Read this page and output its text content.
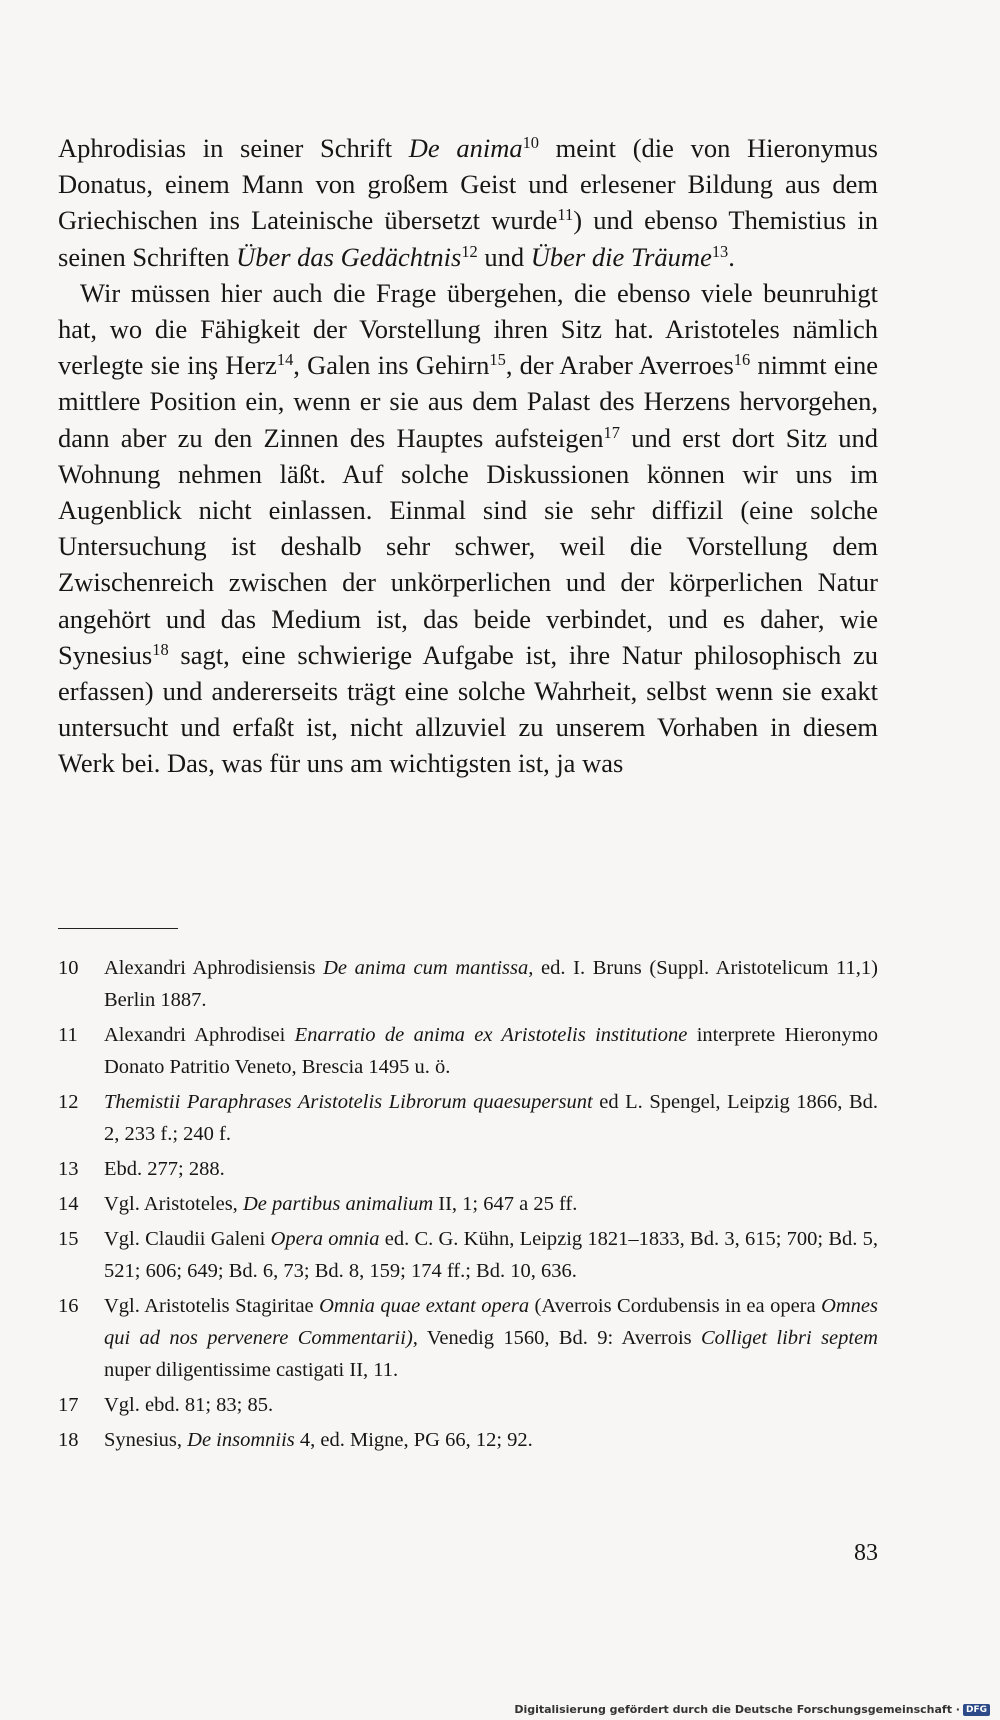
Aphrodisias in seiner Schrift De anima$^{10}$ meint (die von Hieronymus Donatus, einem Mann von großem Geist und erlesener Bildung aus dem Griechischen ins Lateinische übersetzt wurde$^{11}$) und ebenso Themistius in seinen Schriften Über das Gedächtnis$^{12}$ und Über die Träume$^{13}$.

Wir müssen hier auch die Frage übergehen, die ebenso viele beunruhigt hat, wo die Fähigkeit der Vorstellung ihren Sitz hat. Aristoteles nämlich verlegte sie inş Herz$^{14}$, Galen ins Gehirn$^{15}$, der Araber Averroes$^{16}$ nimmt eine mittlere Position ein, wenn er sie aus dem Palast des Herzens hervorgehen, dann aber zu den Zinnen des Hauptes aufsteigen$^{17}$ und erst dort Sitz und Wohnung nehmen läßt. Auf solche Diskussionen können wir uns im Augenblick nicht einlassen. Einmal sind sie sehr diffizil (eine solche Untersuchung ist deshalb sehr schwer, weil die Vorstellung dem Zwischenreich zwischen der unkörperlichen und der körperlichen Natur angehört und das Medium ist, das beide verbindet, und es daher, wie Synesius$^{18}$ sagt, eine schwierige Aufgabe ist, ihre Natur philosophisch zu erfassen) und andererseits trägt eine solche Wahrheit, selbst wenn sie exakt untersucht und erfaßt ist, nicht allzuviel zu unserem Vorhaben in diesem Werk bei. Das, was für uns am wichtigsten ist, ja was

10	Alexandri Aphrodisiensis De anima cum mantissa, ed. I. Bruns (Suppl. Aristotelicum 11,1) Berlin 1887.
11	Alexandri Aphrodisei Enarratio de anima ex Aristotelis institutione interprete Hieronymo Donato Patritio Veneto, Brescia 1495 u. ö.
12	Themistii Paraphrases Aristotelis Librorum quaesupersunt ed L. Spengel, Leipzig 1866, Bd. 2, 233 f.; 240 f.
13	Ebd. 277; 288.
14	Vgl. Aristoteles, De partibus animalium II, 1; 647 a 25 ff.
15	Vgl. Claudii Galeni Opera omnia ed. C. G. Kühn, Leipzig 1821–1833, Bd. 3, 615; 700; Bd. 5, 521; 606; 649; Bd. 6, 73; Bd. 8, 159; 174 ff.; Bd. 10, 636.
16	Vgl. Aristotelis Stagiritae Omnia quae extant opera (Averrois Cordubensis in ea opera Omnes qui ad nos pervenere Commentarii), Venedig 1560, Bd. 9: Averrois Colliget libri septem nuper diligentissime castigati II, 11.
17	Vgl. ebd. 81; 83; 85.
18	Synesius, De insomniis 4, ed. Migne, PG 66, 12; 92.
83
Digitalisierung gefördert durch die Deutsche Forschungsgemeinschaft · DFG
